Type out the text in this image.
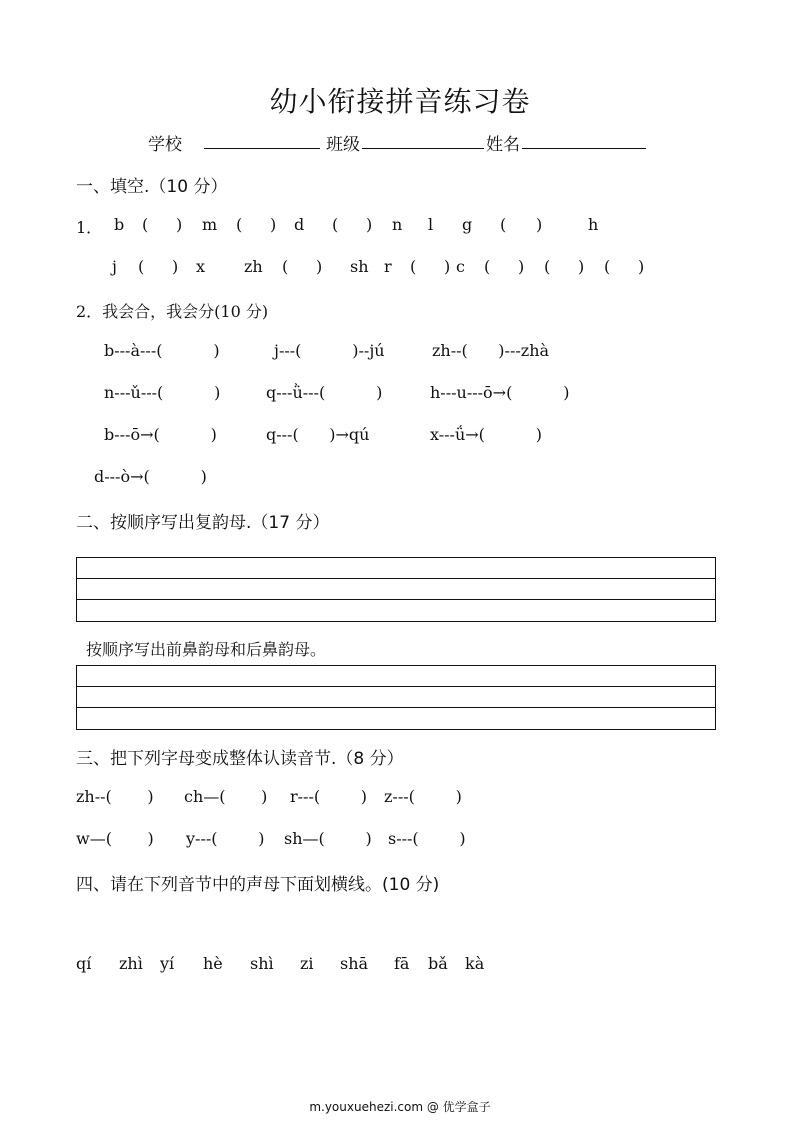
幼小衔接拼音练习卷
学校	班级	姓名
一、填空.（10 分）
1． b ( ) m ( ) d ( ) n l g ( )	h
j ( ) x zh ( ) sh r ( ) c ( ) ( ) ( )
2．我会合，我会分(10 分)
b---à---(          )	j---(          )--jú	zh--(      )---zhà
n---ǔ---(          )	q---ǜ---(          )	h---u---ō→(          )
b---ō→(          )	q---(      )→qú	x---ǘ→(          )
d---ò→(          )
二、按顺序写出复韵母.（17 分）
按顺序写出前鼻韵母和后鼻韵母。
三、把下列字母变成整体认读音节.（8 分）
zh--(       ) ch—(       ) r---(        ) z---(        )
w—(       ) y---(        ) sh—(        ) s---(        )
四、请在下列音节中的声母下面划横线。(10 分)
qí zhì yí hè shì zi shā fā bǎ kà
m.youxuehezi.com @ 优学盒子
